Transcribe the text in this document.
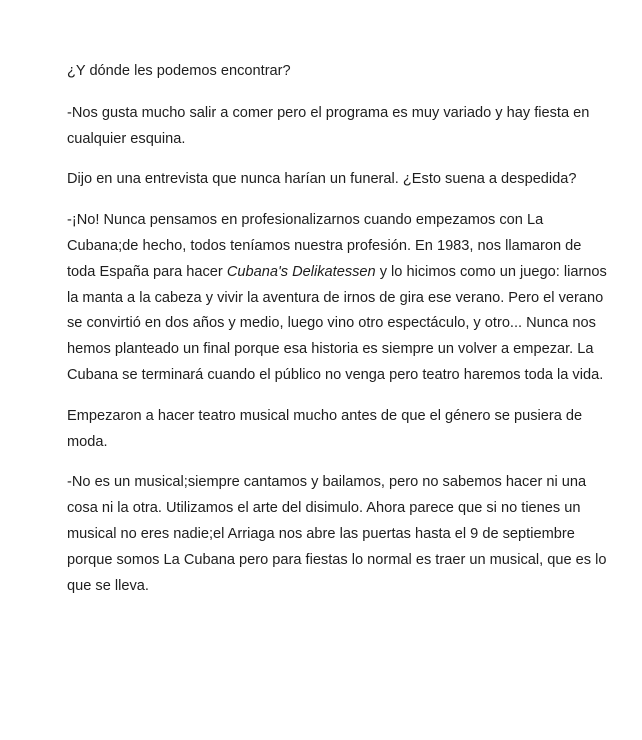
¿Y dónde les podemos encontrar?

-Nos gusta mucho salir a comer pero el programa es muy variado y hay fiesta en cualquier esquina.

Dijo en una entrevista que nunca harían un funeral. ¿Esto suena a despedida?

-¡No! Nunca pensamos en profesionalizarnos cuando empezamos con La Cubana;de hecho, todos teníamos nuestra profesión. En 1983, nos llamaron de toda España para hacer Cubana's Delikatessen y lo hicimos como un juego: liarnos la manta a la cabeza y vivir la aventura de irnos de gira ese verano. Pero el verano se convirtió en dos años y medio, luego vino otro espectáculo, y otro... Nunca nos hemos planteado un final porque esa historia es siempre un volver a empezar. La Cubana se terminará cuando el público no venga pero teatro haremos toda la vida.

Empezaron a hacer teatro musical mucho antes de que el género se pusiera de moda.

-No es un musical;siempre cantamos y bailamos, pero no sabemos hacer ni una cosa ni la otra. Utilizamos el arte del disimulo. Ahora parece que si no tienes un musical no eres nadie;el Arriaga nos abre las puertas hasta el 9 de septiembre porque somos La Cubana pero para fiestas lo normal es traer un musical, que es lo que se lleva.
